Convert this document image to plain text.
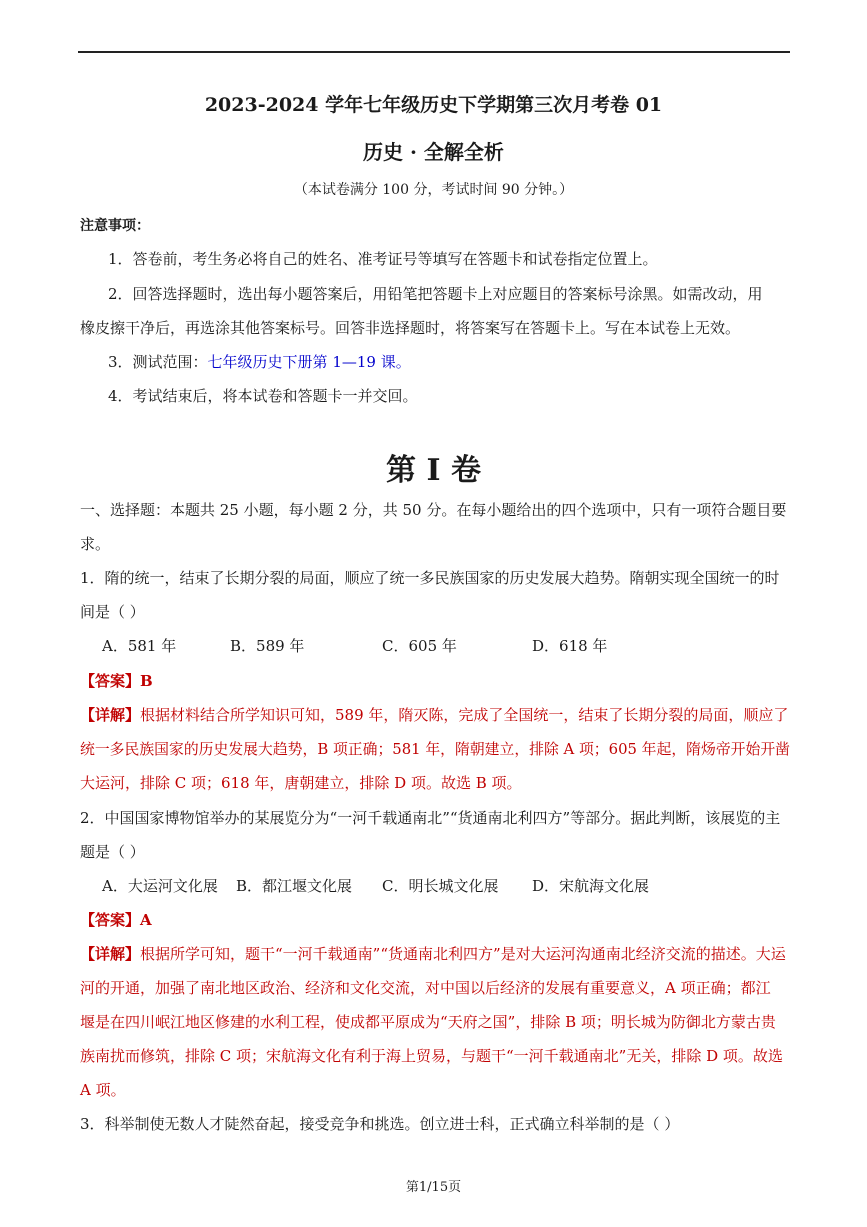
2023-2024 学年七年级历史下学期第三次月考卷 01
历史 · 全解全析
（本试卷满分 100 分，考试时间 90 分钟。）
注意事项：
1．答卷前，考生务必将自己的姓名、准考证号等填写在答题卡和试卷指定位置上。
2．回答选择题时，选出每小题答案后，用铅笔把答题卡上对应题目的答案标号涂黑。如需改动，用
橡皮擦干净后，再选涂其他答案标号。回答非选择题时，将答案写在答题卡上。写在本试卷上无效。
3．测试范围：七年级历史下册第 1—19 课。
4．考试结束后，将本试卷和答题卡一并交回。
第 I 卷
一、选择题：本题共 25 小题，每小题 2 分，共 50 分。在每小题给出的四个选项中，只有一项符合题目要
求。
1．隋的统一，结束了长期分裂的局面，顺应了统一多民族国家的历史发展大趋势。隋朝实现全国统一的时
间是（ ）
A．581 年	B．589 年	C．605 年	D．618 年
【答案】B
【详解】根据材料结合所学知识可知，589 年，隋灭陈，完成了全国统一，结束了长期分裂的局面，顺应了
统一多民族国家的历史发展大趋势，B 项正确；581 年，隋朝建立，排除 A 项；605 年起，隋炀帝开始开凿
大运河，排除 C 项；618 年，唐朝建立，排除 D 项。故选 B 项。
2．中国国家博物馆举办的某展览分为“一河千载通南北”“货通南北利四方”等部分。据此判断，该展览的主
题是（ ）
A．大运河文化展 B．都江堰文化展 C．明长城文化展 D．宋航海文化展
【答案】A
【详解】根据所学可知，题干“一河千载通南”“货通南北利四方”是对大运河沟通南北经济交流的描述。大运
河的开通，加强了南北地区政治、经济和文化交流，对中国以后经济的发展有重要意义，A 项正确；都江
堰是在四川岷江地区修建的水利工程，使成都平原成为“天府之国”，排除 B 项；明长城为防御北方蒙古贵
族南扰而修筑，排除 C 项；宋航海文化有利于海上贸易，与题干“一河千载通南北”无关，排除 D 项。故选
A 项。
3．科举制使无数人才陡然奋起，接受竞争和挑选。创立进士科，正式确立科举制的是（ ）
第1/15页
